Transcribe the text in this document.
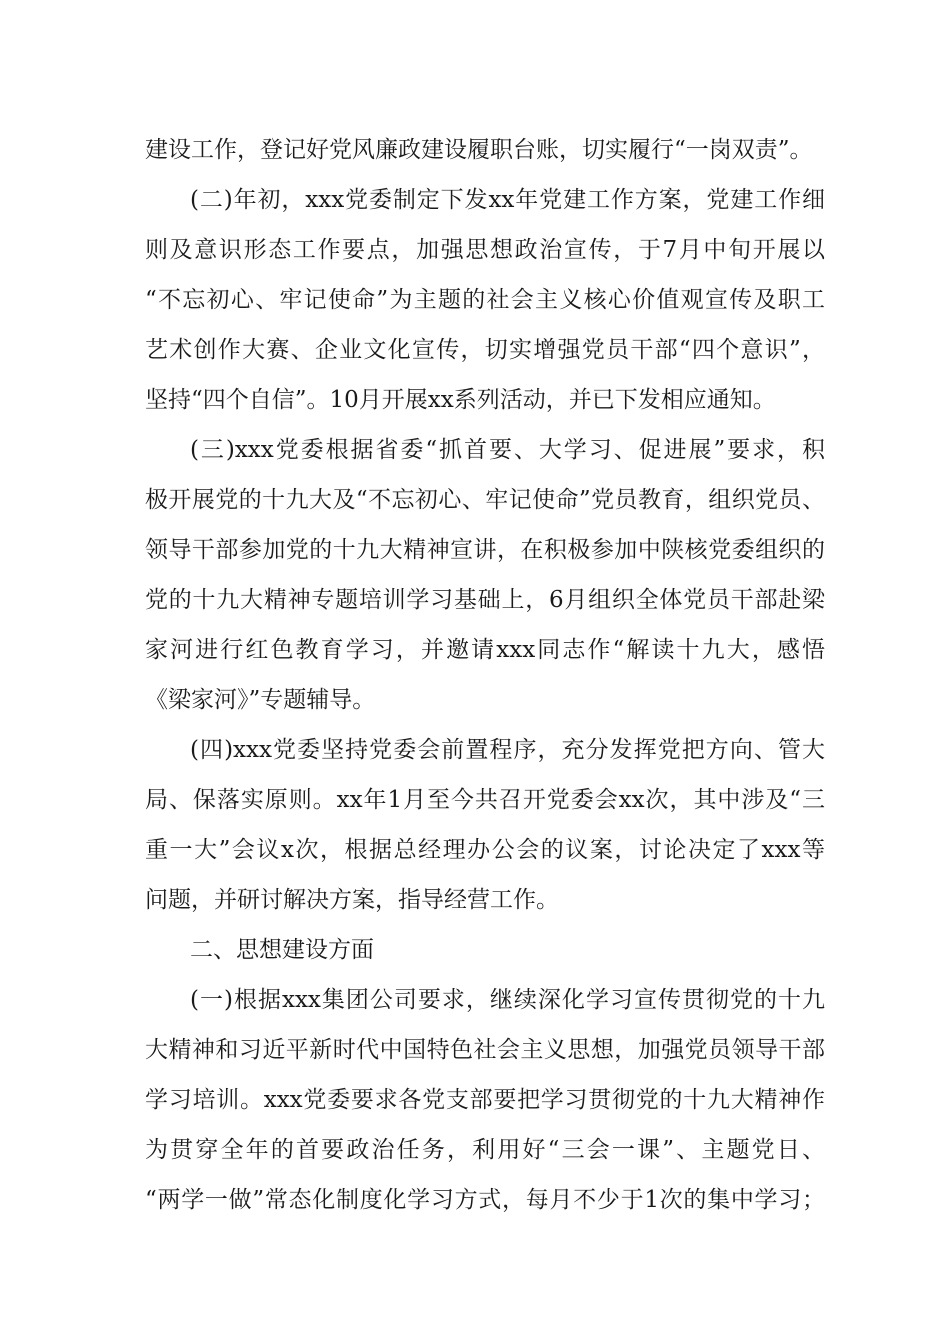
建设工作，登记好党风廉政建设履职台账，切实履行“一岗双责”。
(二)年初，xxx党委制定下发xx年党建工作方案，党建工作细
则及意识形态工作要点，加强思想政治宣传，于7月中旬开展以
“不忘初心、牢记使命”为主题的社会主义核心价值观宣传及职工
艺术创作大赛、企业文化宣传，切实增强党员干部“四个意识”，
坚持“四个自信”。10月开展xx系列活动，并已下发相应通知。
(三)xxx党委根据省委“抓首要、大学习、促进展”要求，积
极开展党的十九大及“不忘初心、牢记使命”党员教育，组织党员、
领导干部参加党的十九大精神宣讲，在积极参加中陕核党委组织的
党的十九大精神专题培训学习基础上，6月组织全体党员干部赴梁
家河进行红色教育学习，并邀请xxx同志作“解读十九大，感悟
《梁家河》”专题辅导。
(四)xxx党委坚持党委会前置程序，充分发挥党把方向、管大
局、保落实原则。xx年1月至今共召开党委会xx次，其中涉及“三
重一大”会议x次，根据总经理办公会的议案，讨论决定了xxx等
问题，并研讨解决方案，指导经营工作。
二、思想建设方面
(一)根据xxx集团公司要求，继续深化学习宣传贯彻党的十九
大精神和习近平新时代中国特色社会主义思想，加强党员领导干部
学习培训。xxx党委要求各党支部要把学习贯彻党的十九大精神作
为贯穿全年的首要政治任务，利用好“三会一课”、主题党日、
“两学一做”常态化制度化学习方式，每月不少于1次的集中学习；
